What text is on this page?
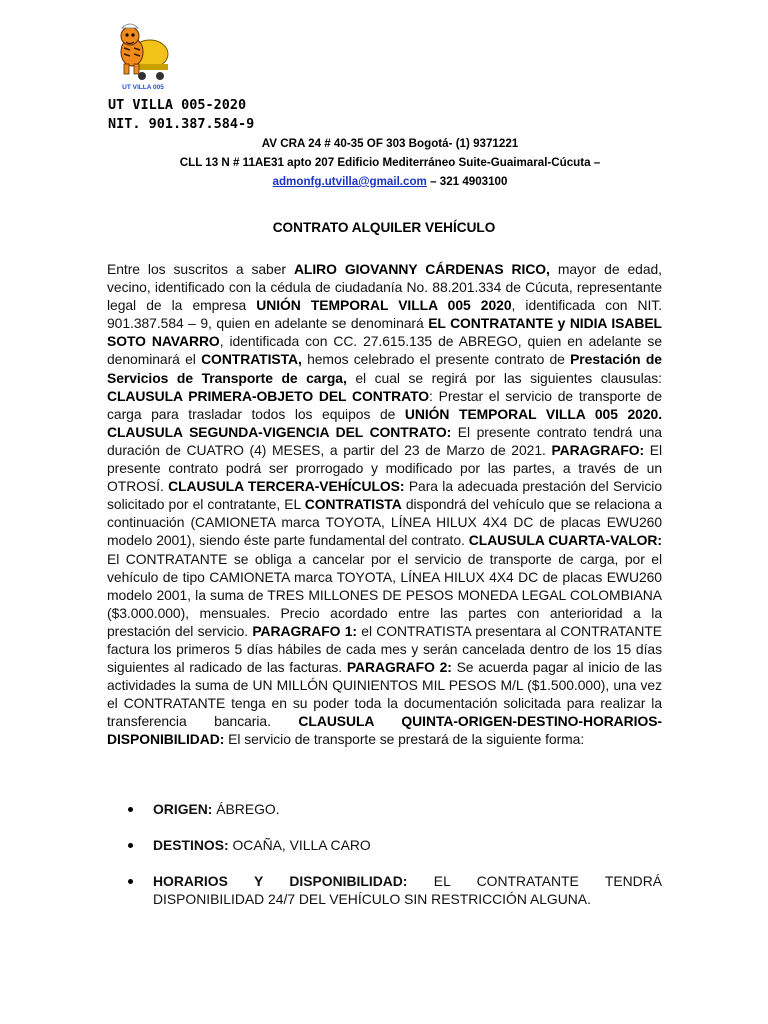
UT VILLA 005
UT VILLA 005-2020
NIT. 901.387.584-9
AV CRA 24 # 40-35 OF 303 Bogotá- (1) 9371221
CLL 13 N # 11AE31 apto 207 Edificio Mediterráneo Suite-Guaimaral-Cúcuta –
admonfg.utvilla@gmail.com – 321 4903100
CONTRATO ALQUILER VEHÍCULO
Entre los suscritos a saber ALIRO GIOVANNY CÁRDENAS RICO, mayor de edad, vecino, identificado con la cédula de ciudadanía No. 88.201.334 de Cúcuta, representante legal de la empresa UNIÓN TEMPORAL VILLA 005 2020, identificada con NIT. 901.387.584 – 9, quien en adelante se denominará EL CONTRATANTE y NIDIA ISABEL SOTO NAVARRO, identificada con CC. 27.615.135 de ABREGO, quien en adelante se denominará el CONTRATISTA, hemos celebrado el presente contrato de Prestación de Servicios de Transporte de carga, el cual se regirá por las siguientes clausulas: CLAUSULA PRIMERA-OBJETO DEL CONTRATO: Prestar el servicio de transporte de carga para trasladar todos los equipos de UNIÓN TEMPORAL VILLA 005 2020. CLAUSULA SEGUNDA-VIGENCIA DEL CONTRATO: El presente contrato tendrá una duración de CUATRO (4) MESES, a partir del 23 de Marzo de 2021. PARAGRAFO: El presente contrato podrá ser prorrogado y modificado por las partes, a través de un OTROSÍ. CLAUSULA TERCERA-VEHÍCULOS: Para la adecuada prestación del Servicio solicitado por el contratante, EL CONTRATISTA dispondrá del vehículo que se relaciona a continuación (CAMIONETA marca TOYOTA, LÍNEA HILUX 4X4 DC de placas EWU260 modelo 2001), siendo éste parte fundamental del contrato. CLAUSULA CUARTA-VALOR: El CONTRATANTE se obliga a cancelar por el servicio de transporte de carga, por el vehículo de tipo CAMIONETA marca TOYOTA, LÍNEA HILUX 4X4 DC de placas EWU260 modelo 2001, la suma de TRES MILLONES DE PESOS MONEDA LEGAL COLOMBIANA ($3.000.000), mensuales. Precio acordado entre las partes con anterioridad a la prestación del servicio. PARAGRAFO 1: el CONTRATISTA presentara al CONTRATANTE factura los primeros 5 días hábiles de cada mes y serán cancelada dentro de los 15 días siguientes al radicado de las facturas. PARAGRAFO 2: Se acuerda pagar al inicio de las actividades la suma de UN MILLÓN QUINIENTOS MIL PESOS M/L ($1.500.000), una vez el CONTRATANTE tenga en su poder toda la documentación solicitada para realizar la transferencia bancaria. CLAUSULA QUINTA-ORIGEN-DESTINO-HORARIOS-DISPONIBILIDAD: El servicio de transporte se prestará de la siguiente forma:
ORIGEN: ÁBREGO.
DESTINOS: OCAÑA, VILLA CARO
HORARIOS Y DISPONIBILIDAD: EL CONTRATANTE TENDRÁ DISPONIBILIDAD 24/7 DEL VEHÍCULO SIN RESTRICCIÓN ALGUNA.
